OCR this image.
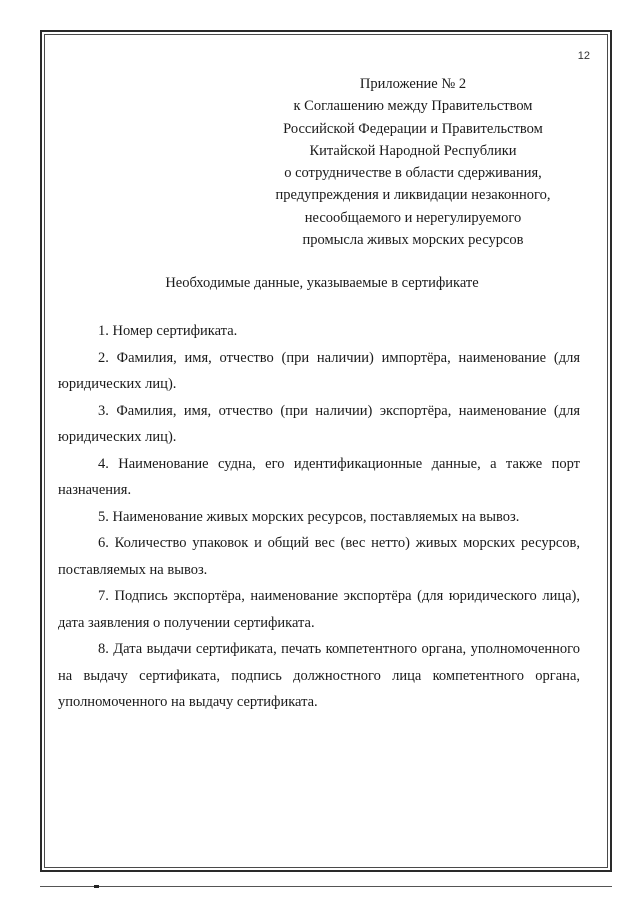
12
Приложение № 2
к Соглашению между Правительством
Российской Федерации и Правительством
Китайской Народной Республики
о сотрудничестве в области сдерживания,
предупреждения и ликвидации незаконного,
несообщаемого и нерегулируемого
промысла живых морских ресурсов
Необходимые данные, указываемые в сертификате

1. Номер сертификата.

2. Фамилия, имя, отчество (при наличии) импортёра, наименование (для юридических лиц).

3. Фамилия, имя, отчество (при наличии) экспортёра, наименование (для юридических лиц).

4. Наименование судна, его идентификационные данные, а также порт назначения.

5. Наименование живых морских ресурсов, поставляемых на вывоз.

6. Количество упаковок и общий вес (вес нетто) живых морских ресурсов, поставляемых на вывоз.

7. Подпись экспортёра, наименование экспортёра (для юридического лица), дата заявления о получении сертификата.

8. Дата выдачи сертификата, печать компетентного органа, уполномоченного на выдачу сертификата, подпись должностного лица компетентного органа, уполномоченного на выдачу сертификата.
